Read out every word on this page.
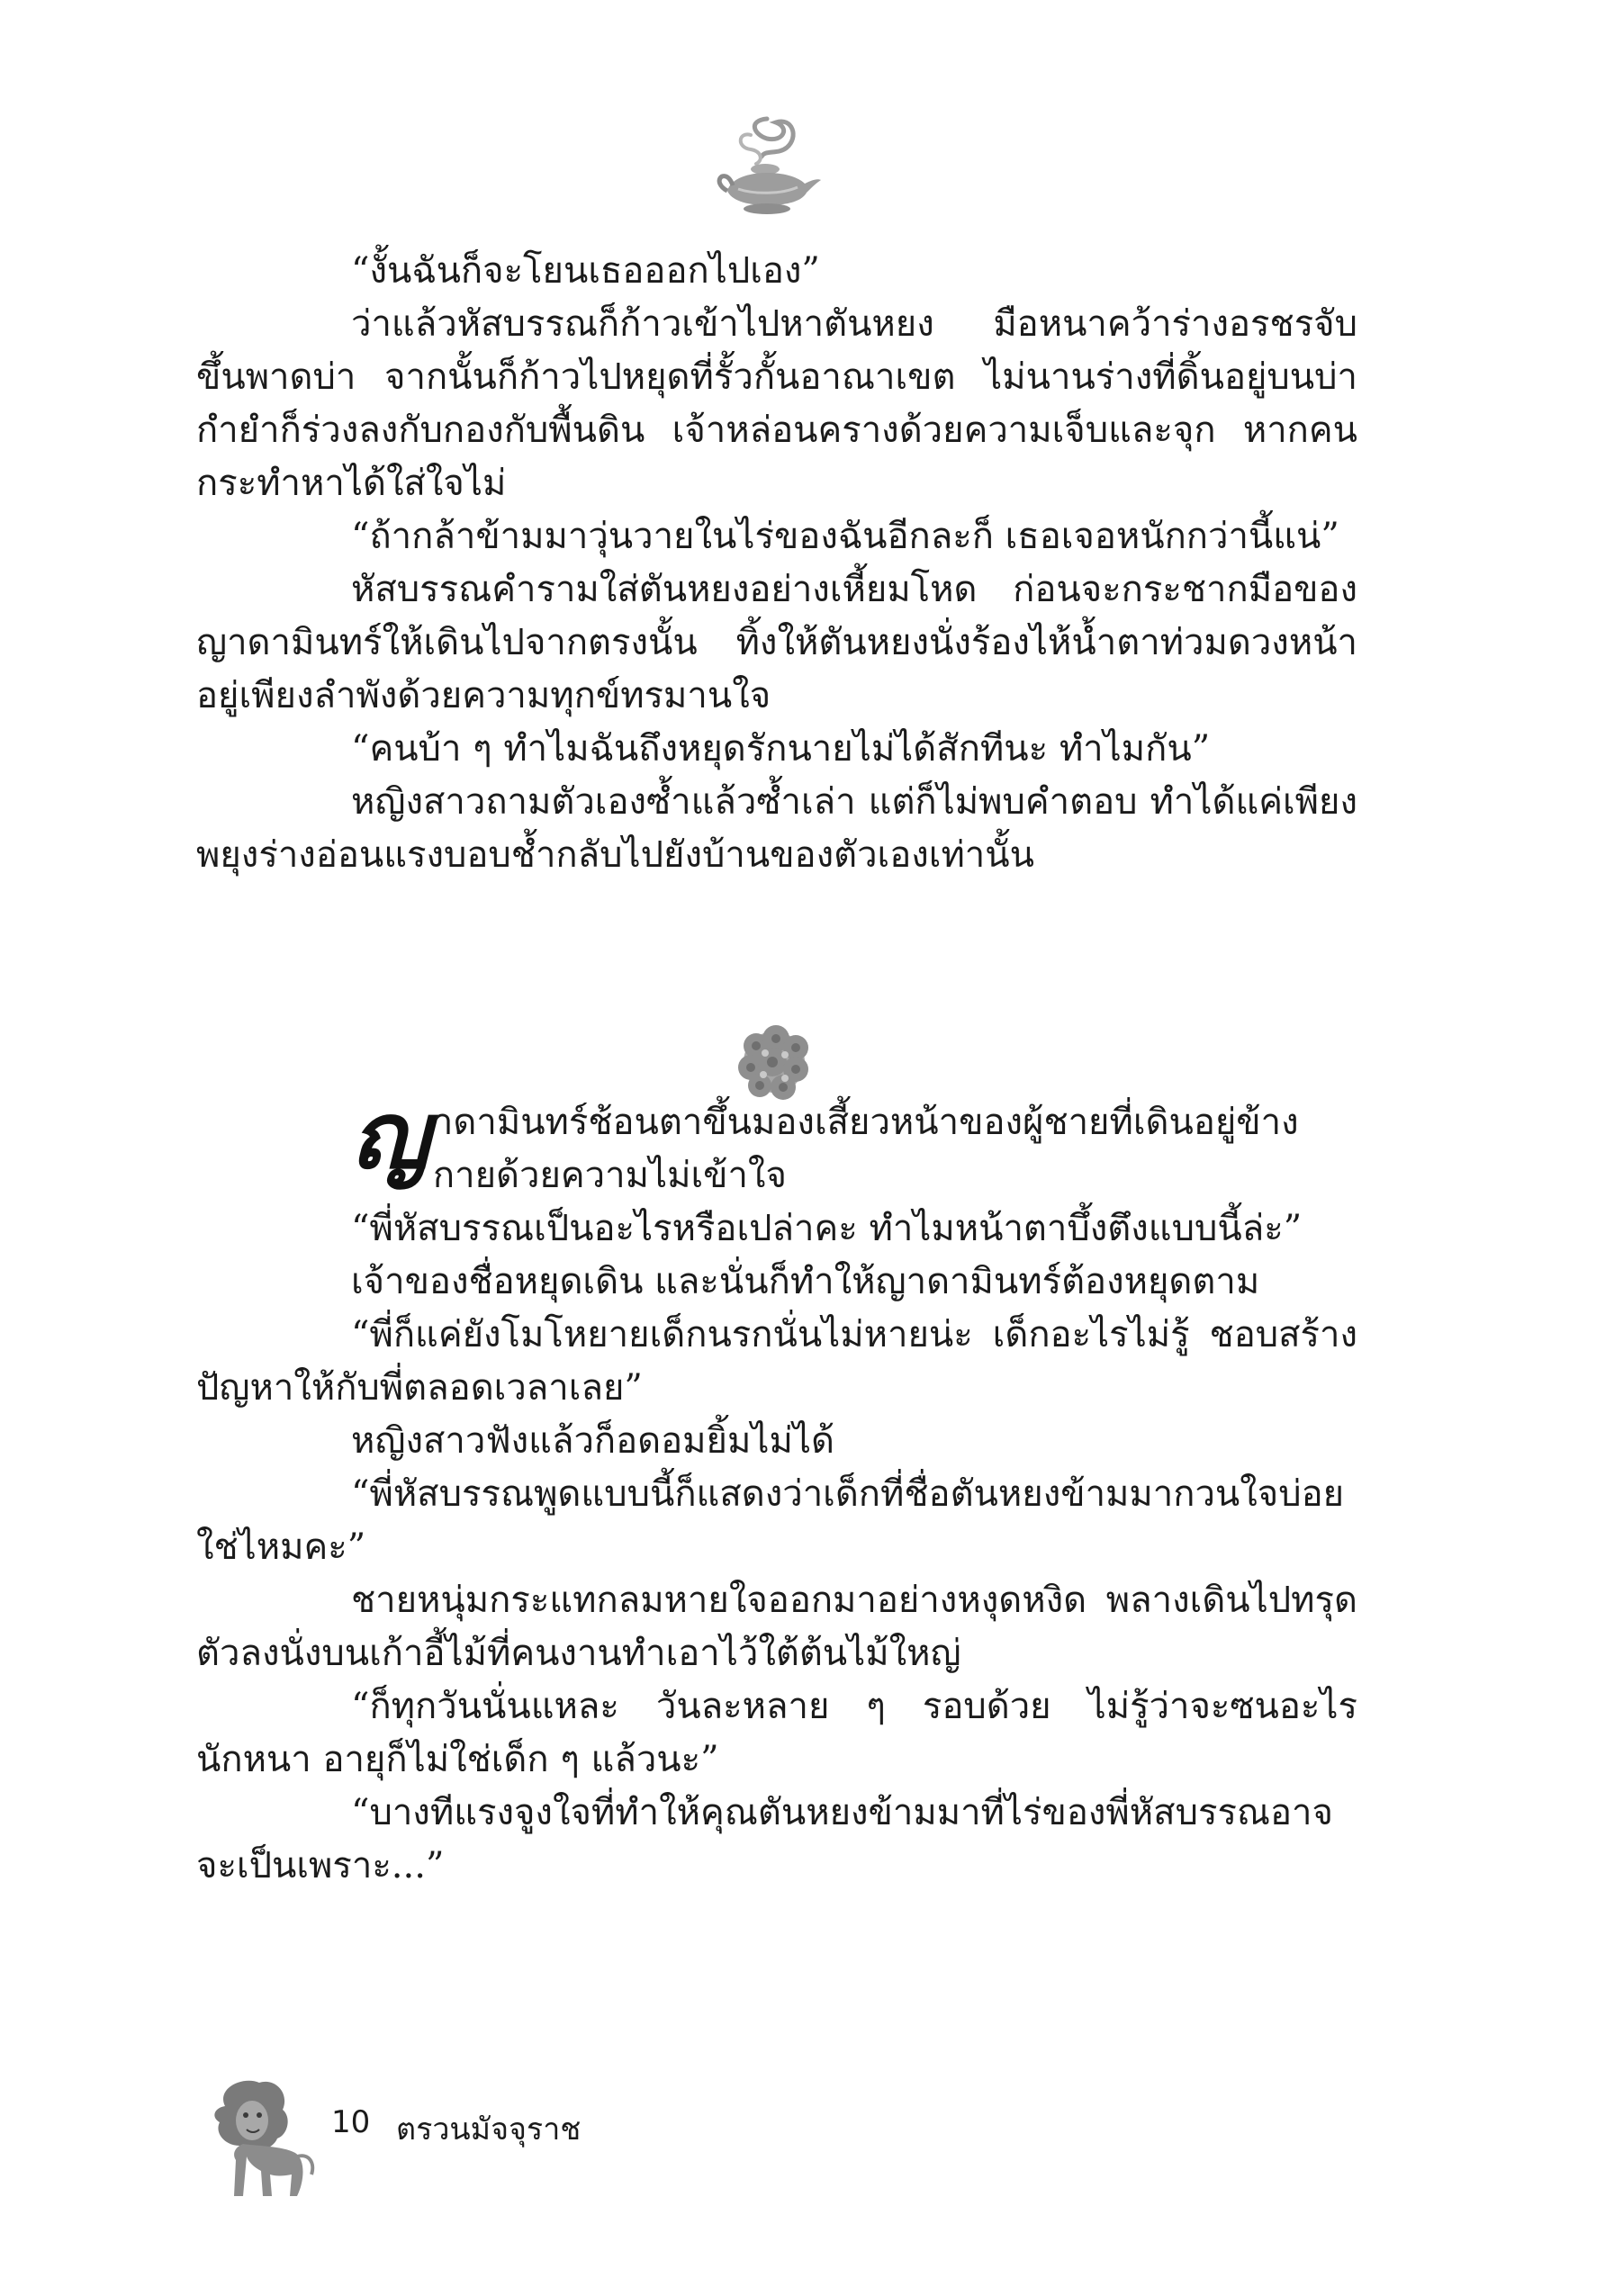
“งั้นฉันก็จะโยนเธอออกไปเอง”

ว่าแล้วหัสบรรณก็ก้าวเข้าไปหาตันหยง มือหนาคว้าร่างอรชรจับขึ้นพาดบ่า จากนั้นก็ก้าวไปหยุดที่รั้วกั้นอาณาเขต ไม่นานร่างที่ดิ้นอยู่บนบ่ากำยำก็ร่วงลงกับกองกับพื้นดิน เจ้าหล่อนครางด้วยความเจ็บและจุก หากคนกระทำหาได้ใส่ใจไม่

“ถ้ากล้าข้ามมาวุ่นวายในไร่ของฉันอีกละก็ เธอเจอหนักกว่านี้แน่”

หัสบรรณคำรามใส่ตันหยงอย่างเหี้ยมโหด ก่อนจะกระชากมือของญาดามินทร์ให้เดินไปจากตรงนั้น ทิ้งให้ตันหยงนั่งร้องไห้น้ำตาท่วมดวงหน้าอยู่เพียงลำพังด้วยความทุกข์ทรมานใจ

“คนบ้า ๆ ทำไมฉันถึงหยุดรักนายไม่ได้สักทีนะ ทำไมกัน”

หญิงสาวถามตัวเองซ้ำแล้วซ้ำเล่า แต่ก็ไม่พบคำตอบ ทำได้แค่เพียงพยุงร่างอ่อนแรงบอบช้ำกลับไปยังบ้านของตัวเองเท่านั้น

ญ าดามินทร์ช้อนตาขึ้นมองเสี้ยวหน้าของผู้ชายที่เดินอยู่ข้างกายด้วยความไม่เข้าใจ

“พี่หัสบรรณเป็นอะไรหรือเปล่าคะ ทำไมหน้าตาบึ้งตึงแบบนี้ล่ะ”

เจ้าของชื่อหยุดเดิน และนั่นก็ทำให้ญาดามินทร์ต้องหยุดตาม

“พี่ก็แค่ยังโมโหยายเด็กนรกนั่นไม่หายน่ะ เด็กอะไรไม่รู้ ชอบสร้างปัญหาให้กับพี่ตลอดเวลาเลย”

หญิงสาวฟังแล้วก็อดอมยิ้มไม่ได้

“พี่หัสบรรณพูดแบบนี้ก็แสดงว่าเด็กที่ชื่อตันหยงข้ามมากวนใจบ่อยใช่ไหมคะ”

ชายหนุ่มกระแทกลมหายใจออกมาอย่างหงุดหงิด พลางเดินไปทรุดตัวลงนั่งบนเก้าอี้ไม้ที่คนงานทำเอาไว้ใต้ต้นไม้ใหญ่

“ก็ทุกวันนั่นแหละ วันละหลาย ๆ รอบด้วย ไม่รู้ว่าจะซนอะไรนักหนา อายุก็ไม่ใช่เด็ก ๆ แล้วนะ”

“บางทีแรงจูงใจที่ทำให้คุณตันหยงข้ามมาที่ไร่ของพี่หัสบรรณอาจจะเป็นเพราะ...”

10 ตรวนมัจจุราช
